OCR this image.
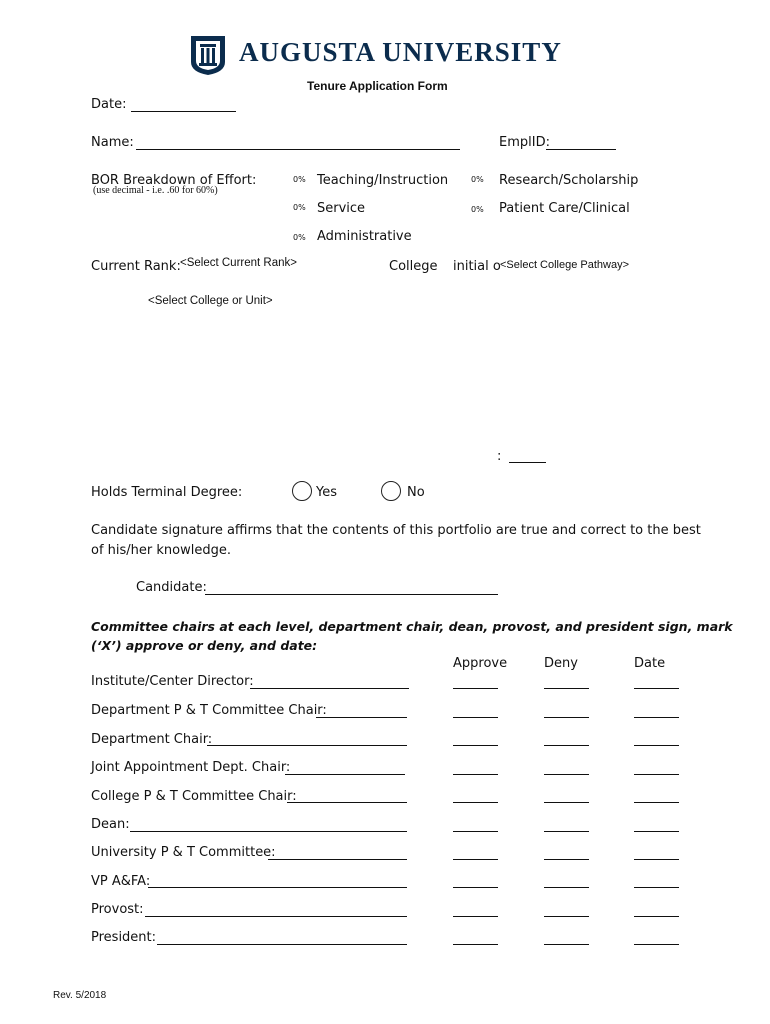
AUGUSTA UNIVERSITY
Tenure Application Form
Date:
Name:	EmplID:
BOR Breakdown of Effort:
(use decimal - i.e. .60 for 60%)
0% Teaching/Instruction	0% Research/Scholarship
0% Service	0% Patient Care/Clinical
0% Administrative
Current Rank: <Select Current Rank>	College initial o <Select College Pathway>
<Select College or Unit>
:
Holds Terminal Degree:	Yes	No
Candidate signature affirms that the contents of this portfolio are true and correct to the best
of his/her knowledge.
Candidate:
Committee chairs at each level, department chair, dean, provost, and president sign, mark
(‘X’) approve or deny, and date:
Approve	Deny	Date
Institute/Center Director:
Department P & T Committee Chair:
Department Chair:
Joint Appointment Dept. Chair:
College P & T Committee Chair:
Dean:
University P & T Committee:
VP A&FA:
Provost:
President:
Rev. 5/2018
